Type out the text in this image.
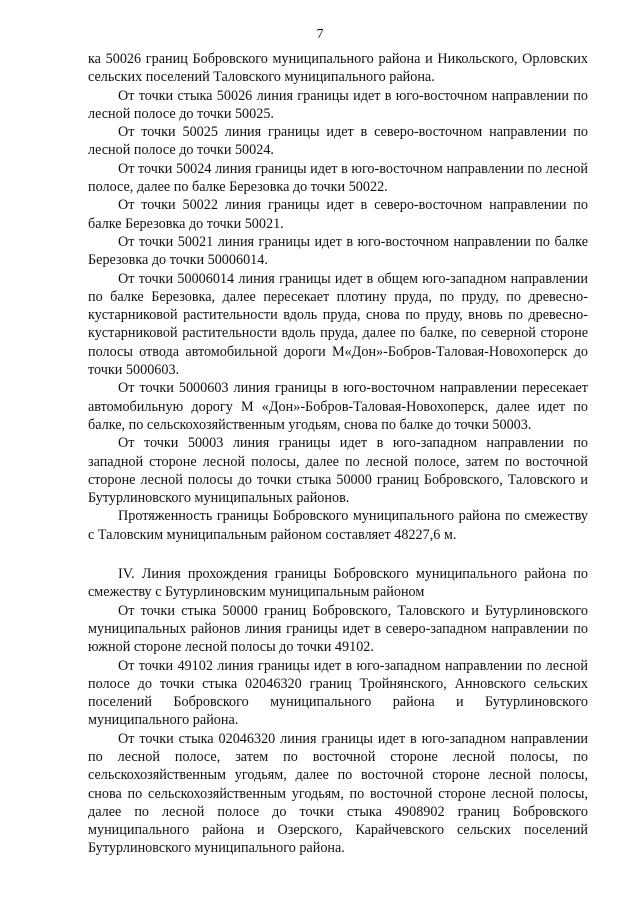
7

ка 50026 границ Бобровского муниципального района и Никольского, Орловских сельских поселений Таловского муниципального района.

От точки стыка 50026 линия границы идет в юго-восточном направлении по лесной полосе до точки 50025.

От точки 50025 линия границы идет в северо-восточном направлении по лесной полосе до точки 50024.

От точки 50024 линия границы идет в юго-восточном направлении по лесной полосе, далее по балке Березовка до точки 50022.

От точки 50022 линия границы идет в северо-восточном направлении по балке Березовка до точки 50021.

От точки 50021 линия границы идет в юго-восточном направлении по балке Березовка до точки 50006014.

От точки 50006014 линия границы идет в общем юго-западном направлении по балке Березовка, далее пересекает плотину пруда, по пруду, по древесно-кустарниковой растительности вдоль пруда, снова по пруду, вновь по древесно-кустарниковой растительности вдоль пруда, далее по балке, по северной стороне полосы отвода автомобильной дороги М«Дон»-Бобров-Таловая-Новохоперск до точки 5000603.

От точки 5000603 линия границы в юго-восточном направлении пересекает автомобильную дорогу М «Дон»-Бобров-Таловая-Новохоперск, далее идет по балке, по сельскохозяйственным угодьям, снова по балке до точки 50003.

От точки 50003 линия границы идет в юго-западном направлении по западной стороне лесной полосы, далее по лесной полосе, затем по восточной стороне лесной полосы до точки стыка 50000 границ Бобровского, Таловского и Бутурлиновского муниципальных районов.

Протяженность границы Бобровского муниципального района по смежеству с Таловским муниципальным районом составляет 48227,6 м.

IV. Линия прохождения границы Бобровского муниципального района по смежеству с Бутурлиновским муниципальным районом

От точки стыка 50000 границ Бобровского, Таловского и Бутурлиновского муниципальных районов линия границы идет в северо-западном направлении по южной стороне лесной полосы до точки 49102.

От точки 49102 линия границы идет в юго-западном направлении по лесной полосе до точки стыка 02046320 границ Тройнянского, Анновского сельских поселений Бобровского муниципального района и Бутурлиновского муниципального района.

От точки стыка 02046320 линия границы идет в юго-западном направлении по лесной полосе, затем по восточной стороне лесной полосы, по сельскохозяйственным угодьям, далее по восточной стороне лесной полосы, снова по сельскохозяйственным угодьям, по восточной стороне лесной полосы, далее по лесной полосе до точки стыка 4908902 границ Бобровского муниципального района и Озерского, Карайчевского сельских поселений Бутурлиновского муниципального района.
